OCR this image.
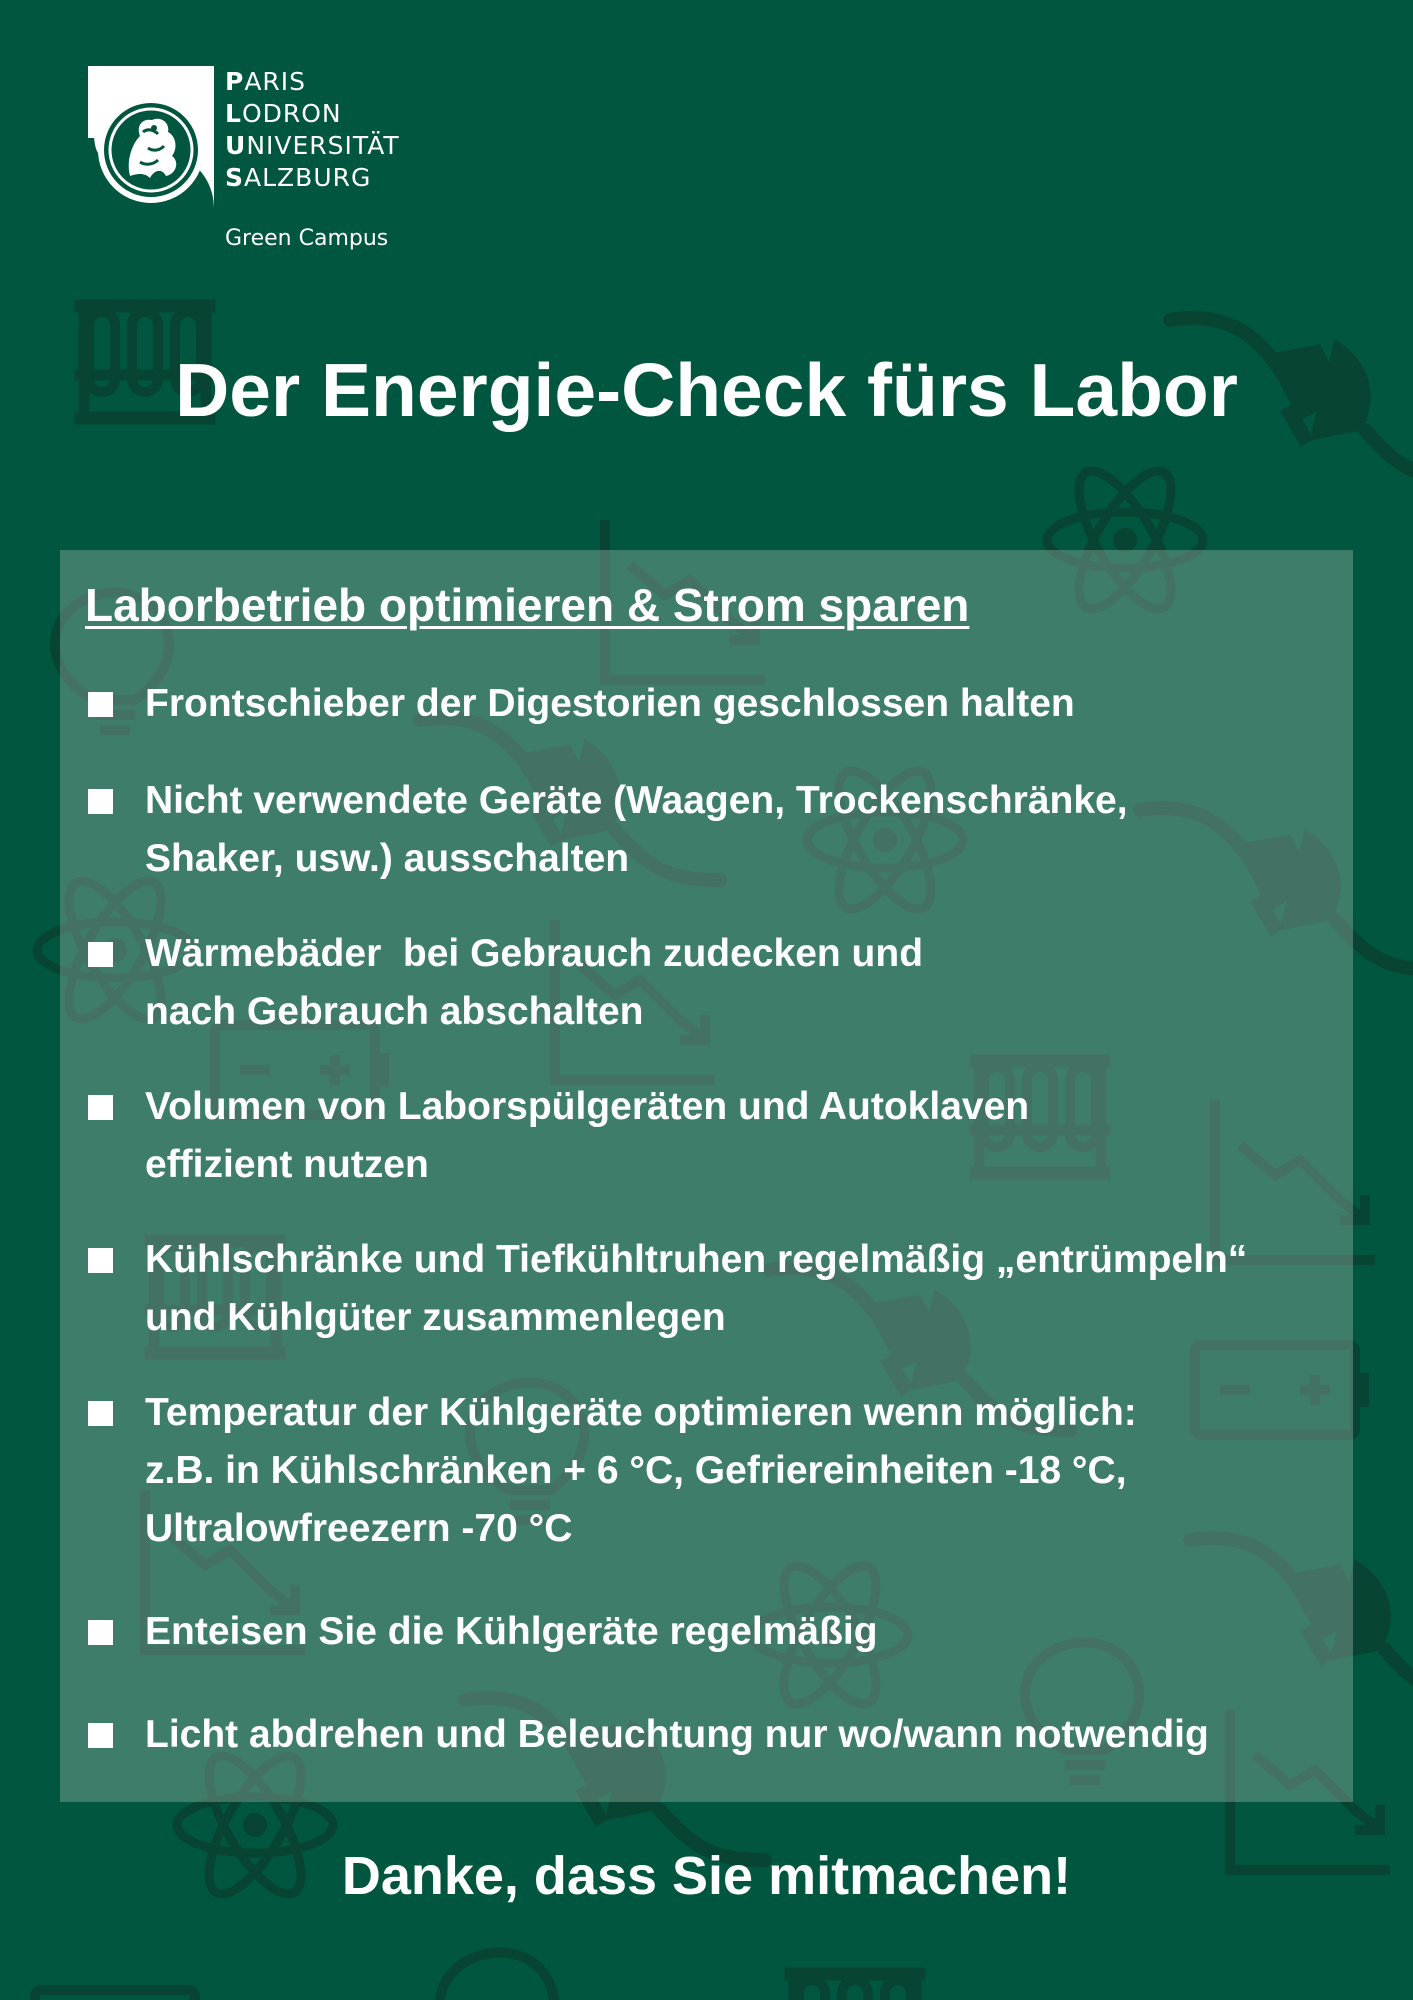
PARIS
LODRON
UNIVERSITÄT
SALZBURG
Green Campus
Der Energie-Check fürs Labor
Laborbetrieb optimieren & Strom sparen
Frontschieber der Digestorien geschlossen halten
Nicht verwendete Geräte (Waagen, Trockenschränke,
Shaker, usw.) ausschalten
Wärmebäder  bei Gebrauch zudecken und
nach Gebrauch abschalten
Volumen von Laborspülgeräten und Autoklaven
effizient nutzen
Kühlschränke und Tiefkühltruhen regelmäßig „entrümpeln“
und Kühlgüter zusammenlegen
Temperatur der Kühlgeräte optimieren wenn möglich:
z.B. in Kühlschränken + 6 °C, Gefriereinheiten -18 °C,
Ultralowfreezern -70 °C
Enteisen Sie die Kühlgeräte regelmäßig
Licht abdrehen und Beleuchtung nur wo/wann notwendig
Danke, dass Sie mitmachen!
